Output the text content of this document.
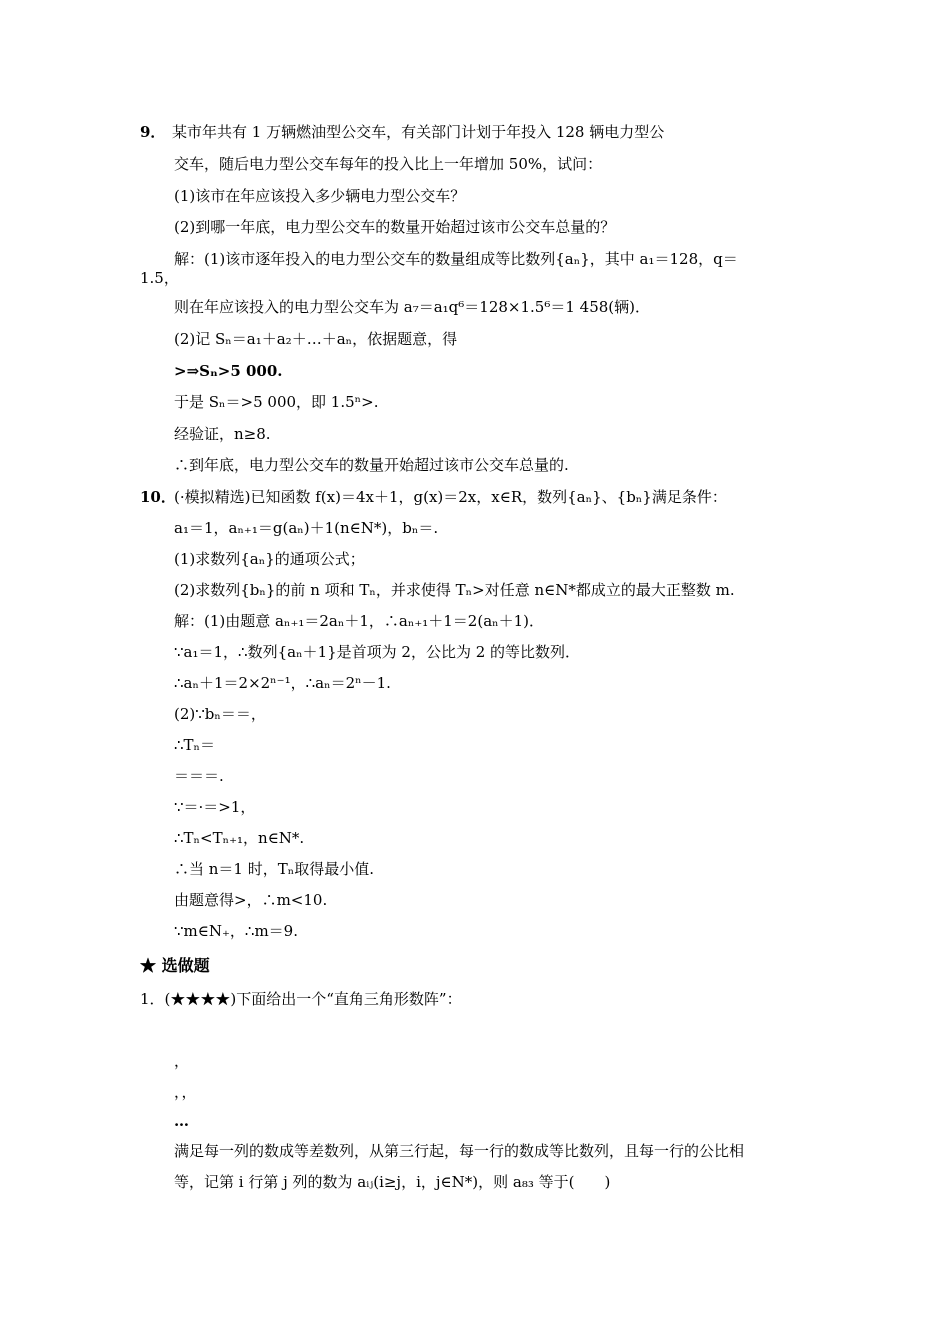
9． 某市年共有 1 万辆燃油型公交车，有关部门计划于年投入 128 辆电力型公
交车，随后电力型公交车每年的投入比上一年增加 50%，试问：
(1)该市在年应该投入多少辆电力型公交车？
(2)到哪一年底，电力型公交车的数量开始超过该市公交车总量的？
解：(1)该市逐年投入的电力型公交车的数量组成等比数列{aₙ}，其中 a₁＝128，q＝
1.5，
则在年应该投入的电力型公交车为 a₇＝a₁q⁶＝128×1.5⁶＝1 458(辆)．
(2)记 Sₙ＝a₁＋a₂＋…＋aₙ，依据题意，得
>⇒Sₙ>5 000.
于是 Sₙ＝>5 000，即 1.5ⁿ>.
经验证，n≥8.
∴到年底，电力型公交车的数量开始超过该市公交车总量的.
10．
(·模拟精选)已知函数 f(x)＝4x＋1，g(x)＝2x，x∈R，数列{aₙ}、{bₙ}满足条件：
a₁＝1，aₙ₊₁＝g(aₙ)＋1(n∈N*)，bₙ＝.
(1)求数列{aₙ}的通项公式；
(2)求数列{bₙ}的前 n 项和 Tₙ，并求使得 Tₙ>对任意 n∈N*都成立的最大正整数 m.
解：(1)由题意 aₙ₊₁＝2aₙ＋1，∴aₙ₊₁＋1＝2(aₙ＋1)．
∵a₁＝1，∴数列{aₙ＋1}是首项为 2，公比为 2 的等比数列．
∴aₙ＋1＝2×2ⁿ⁻¹，∴aₙ＝2ⁿ－1.
(2)∵bₙ＝＝，
∴Tₙ＝
＝＝＝.
∵＝·＝>1，
∴Tₙ<Tₙ₊₁，n∈N*.
∴当 n＝1 时，Tₙ取得最小值.
由题意得>，∴m<10.
∵m∈N₊，∴m＝9.
★ 选做题
1．(★★★★)下面给出一个“直角三角形数阵”：
，
，，
…
满足每一列的数成等差数列，从第三行起，每一行的数成等比数列，且每一行的公比相
等，记第 i 行第 j 列的数为 aᵢⱼ(i≥j，i，j∈N*)，则 a₈₃ 等于(　　)
